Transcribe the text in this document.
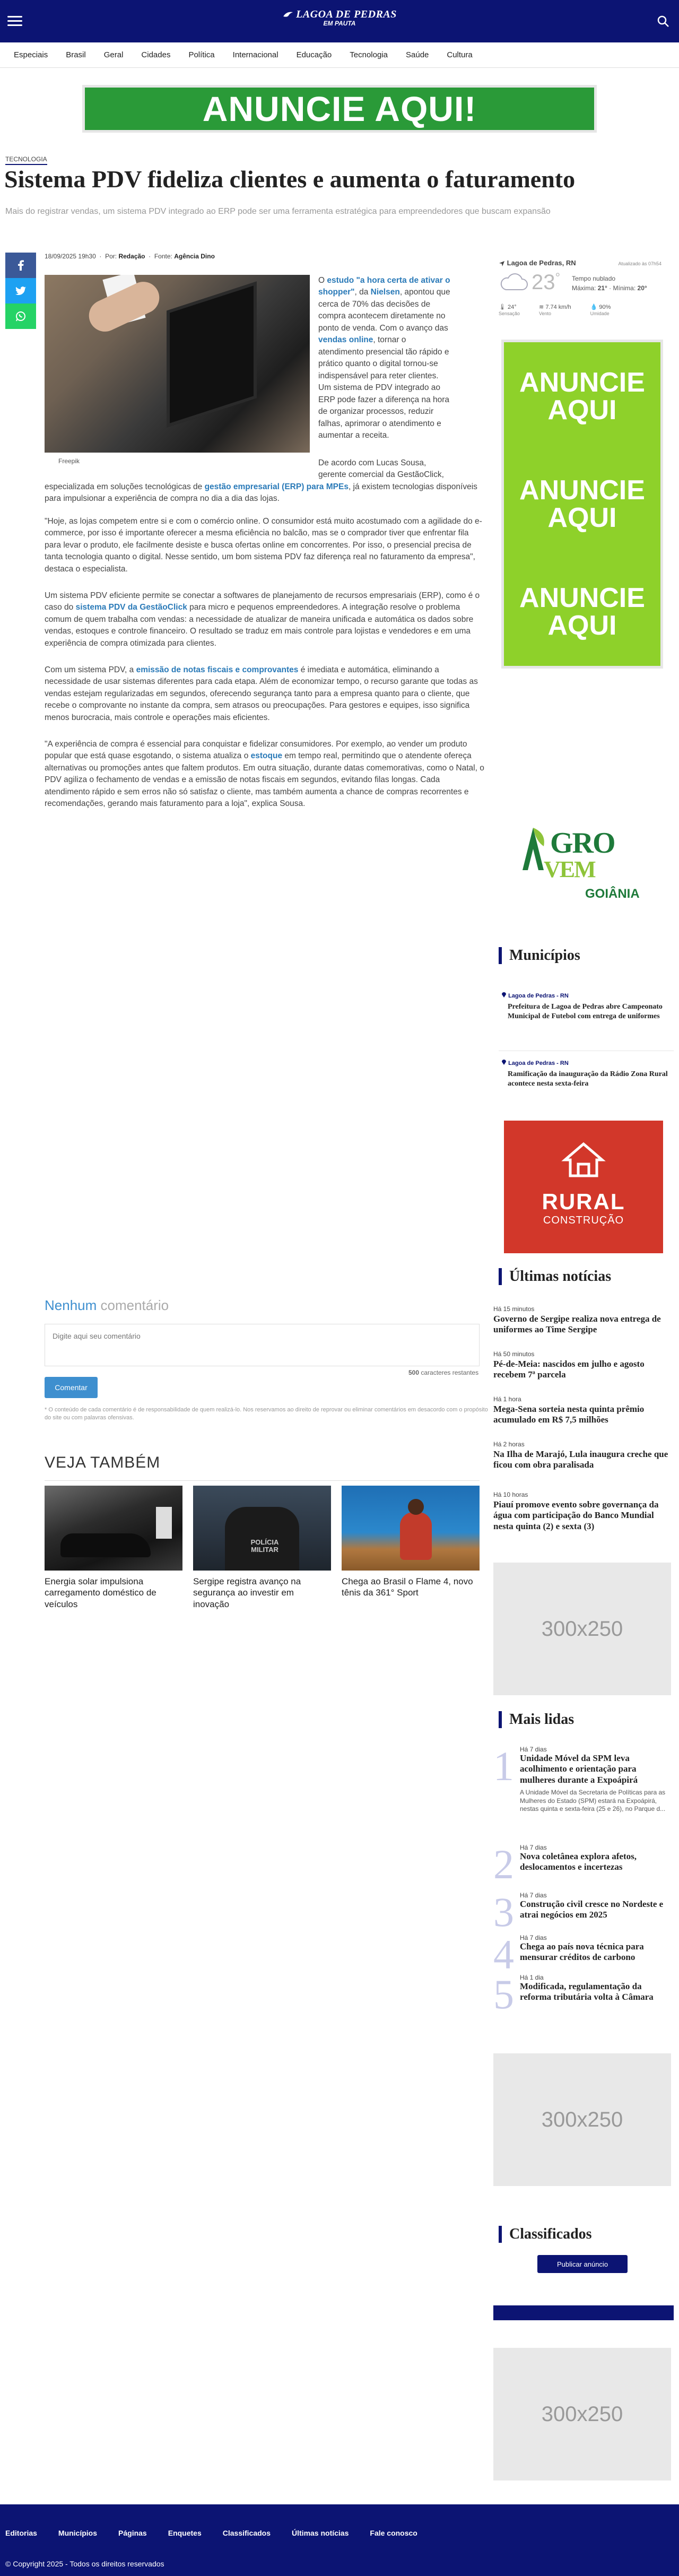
LAGOA DE PEDRAS
EM PAUTA
Especiais Brasil Geral Cidades Política Internacional Educação Tecnologia Saúde Cultura
ANUNCIE AQUI!
TECNOLOGIA
Sistema PDV fideliza clientes e aumenta o faturamento
Mais do registrar vendas, um sistema PDV integrado ao ERP pode ser uma ferramenta estratégica para empreendedores que buscam expansão
18/09/2025 19h30  ·  Por: Redação  ·  Fonte: Agência Dino
Freepik
O estudo "a hora certa de ativar o shopper", da Nielsen, apontou que cerca de 70% das decisões de compra acontecem diretamente no ponto de venda. Com o avanço das vendas online, tornar o atendimento presencial tão rápido e prático quanto o digital tornou-se indispensável para reter clientes. Um sistema de PDV integrado ao ERP pode fazer a diferença na hora de organizar processos, reduzir falhas, aprimorar o atendimento e aumentar a receita.
De acordo com Lucas Sousa, gerente comercial da GestãoClick,
especializada em soluções tecnológicas de gestão empresarial (ERP) para MPEs, já existem tecnologias disponíveis para impulsionar a experiência de compra no dia a dia das lojas.
"Hoje, as lojas competem entre si e com o comércio online. O consumidor está muito acostumado com a agilidade do e-commerce, por isso é importante oferecer a mesma eficiência no balcão, mas se o comprador tiver que enfrentar fila para levar o produto, ele facilmente desiste e busca ofertas online em concorrentes. Por isso, o presencial precisa de tanta tecnologia quanto o digital. Nesse sentido, um bom sistema PDV faz diferença real no faturamento da empresa", destaca o especialista.
Um sistema PDV eficiente permite se conectar a softwares de planejamento de recursos empresariais (ERP), como é o caso do sistema PDV da GestãoClick para micro e pequenos empreendedores. A integração resolve o problema comum de quem trabalha com vendas: a necessidade de atualizar de maneira unificada e automática os dados sobre vendas, estoques e controle financeiro. O resultado se traduz em mais controle para lojistas e vendedores e em uma experiência de compra otimizada para clientes.
Com um sistema PDV, a emissão de notas fiscais e comprovantes é imediata e automática, eliminando a necessidade de usar sistemas diferentes para cada etapa. Além de economizar tempo, o recurso garante que todas as vendas estejam regularizadas em segundos, oferecendo segurança tanto para a empresa quanto para o cliente, que recebe o comprovante no instante da compra, sem atrasos ou preocupações. Para gestores e equipes, isso significa menos burocracia, mais controle e operações mais eficientes.
"A experiência de compra é essencial para conquistar e fidelizar consumidores. Por exemplo, ao vender um produto popular que está quase esgotando, o sistema atualiza o estoque em tempo real, permitindo que o atendente ofereça alternativas ou promoções antes que faltem produtos. Em outra situação, durante datas comemorativas, como o Natal, o PDV agiliza o fechamento de vendas e a emissão de notas fiscais em segundos, evitando filas longas. Cada atendimento rápido e sem erros não só satisfaz o cliente, mas também aumenta a chance de compras recorrentes e recomendações, gerando mais faturamento para a loja", explica Sousa.
Nenhum comentário
Digite aqui seu comentário
500 caracteres restantes
Comentar
* O conteúdo de cada comentário é de responsabilidade de quem realizá-lo. Nos reservamos ao direito de reprovar ou eliminar comentários em desacordo com o propósito do site ou com palavras ofensivas.
VEJA TAMBÉM
Energia solar impulsiona carregamento doméstico de veículos
POLÍCIA MILITAR
Sergipe registra avanço na segurança ao investir em inovação
Chega ao Brasil o Flame 4, novo tênis da 361° Sport
Lagoa de Pedras, RN	Atualizado às 07h54
23° Tempo nublado
Máxima: 21° · Mínima: 20°
🌡 24°
Sensação
≋ 7.74 km/h
Vento
💧 90%
Umidade
ANUNCIE AQUI
ANUNCIE AQUI
ANUNCIE AQUI
GRO
VEM
GOIÂNIA
Municípios
Lagoa de Pedras - RN
Prefeitura de Lagoa de Pedras abre Campeonato Municipal de Futebol com entrega de uniformes
Lagoa de Pedras - RN
Ramificação da inauguração da Rádio Zona Rural acontece nesta sexta-feira
RURAL
CONSTRUÇÃO
Últimas notícias
Há 15 minutos
Governo de Sergipe realiza nova entrega de uniformes ao Time Sergipe
Há 50 minutos
Pé-de-Meia: nascidos em julho e agosto recebem 7ª parcela
Há 1 hora
Mega-Sena sorteia nesta quinta prêmio acumulado em R$ 7,5 milhões
Há 2 horas
Na Ilha de Marajó, Lula inaugura creche que ficou com obra paralisada
Há 10 horas
Piauí promove evento sobre governança da água com participação do Banco Mundial nesta quinta (2) e sexta (3)
300x250
Mais lidas
1 Há 7 dias
Unidade Móvel da SPM leva acolhimento e orientação para mulheres durante a Expoápirá
A Unidade Móvel da Secretaria de Políticas para as Mulheres do Estado (SPM) estará na Expoápirá, nestas quinta e sexta-feira (25 e 26), no Parque d...
2 Há 7 dias
Nova coletânea explora afetos, deslocamentos e incertezas
3 Há 7 dias
Construção civil cresce no Nordeste e atrai negócios em 2025
4 Há 7 dias
Chega ao país nova técnica para mensurar créditos de carbono
5 Há 1 dia
Modificada, regulamentação da reforma tributária volta à Câmara
300x250
Classificados
Publicar anúncio
300x250
Editorias	Municípios	Páginas	Enquetes	Classificados	Últimas notícias	Fale conosco
© Copyright 2025 - Todos os direitos reservados
